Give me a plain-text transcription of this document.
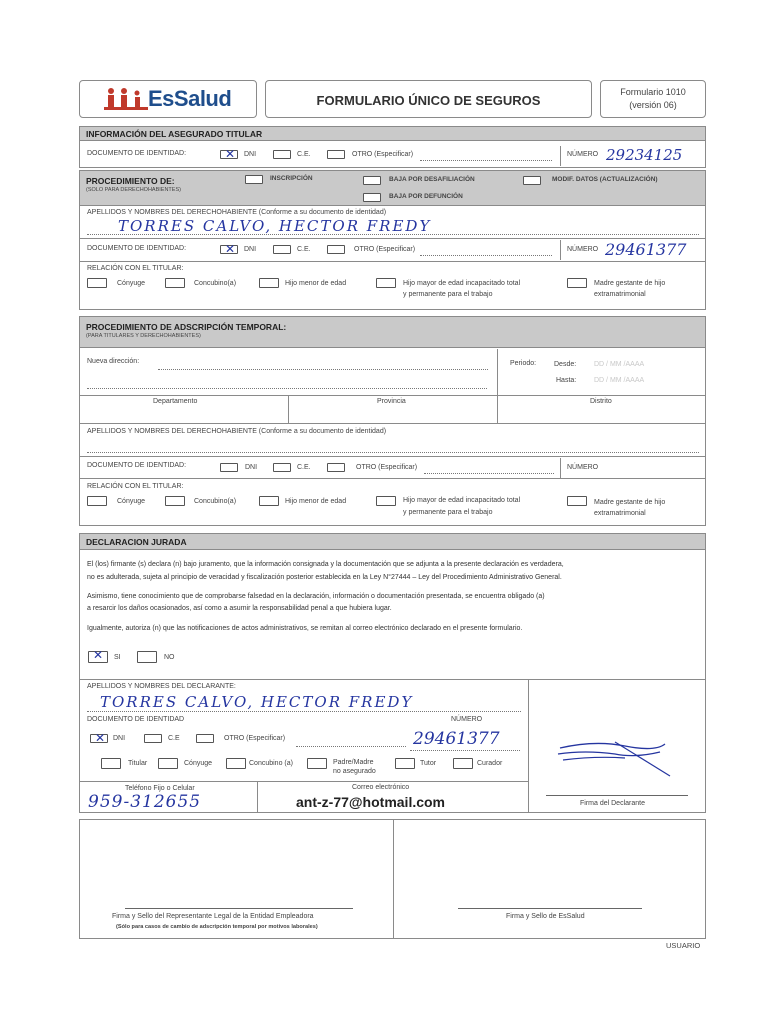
EsSalud	FORMULARIO ÚNICO DE SEGUROS
Formulario 1010
(versión 06)
INFORMACIÓN DEL ASEGURADO TITULAR
DOCUMENTO DE IDENTIDAD: ✕	DNI	C.E.	OTRO (Especificar)	NÚMERO 29234125
PROCEDIMIENTO DE:
(SOLO PARA DERECHOHABIENTES)
INSCRIPCIÓN	BAJA POR DESAFILIACIÓN	MODIF. DATOS (ACTUALIZACIÓN)
BAJA POR DEFUNCIÓN
APELLIDOS Y NOMBRES DEL DERECHOHABIENTE (Conforme a su documento de identidad)
TORRES CALVO, HECTOR FREDY
DOCUMENTO DE IDENTIDAD: ✕	DNI	C.E.	OTRO (Especificar)	NÚMERO 29461377
RELACIÓN CON EL TITULAR:
Cónyuge	Concubino(a)	Hijo menor de edad	Hijo mayor de edad incapacitado total
y permanente para el trabajo
Madre gestante de hijo
extramatrimonial
PROCEDIMIENTO DE ADSCRIPCIÓN TEMPORAL:
(PARA TITULARES Y DERECHOHABIENTES)
Nueva dirección:	Periodo:	Desde:	DD / MM /AAAA
Hasta:	DD / MM /AAAA
Departamento	Provincia	Distrito
APELLIDOS Y NOMBRES DEL DERECHOHABIENTE (Conforme a su documento de identidad)
DOCUMENTO DE IDENTIDAD:	DNI	C.E.	OTRO (Especificar)	NÚMERO
RELACIÓN CON EL TITULAR:
Cónyuge	Concubino(a)	Hijo menor de edad	Hijo mayor de edad incapacitado total
y permanente para el trabajo
Madre gestante de hijo
extramatrimonial
DECLARACION JURADA
El (los) firmante (s) declara (n) bajo juramento, que la información consignada y la documentación que se adjunta a la presente declaración es verdadera,
no es adulterada, sujeta al principio de veracidad y fiscalización posterior establecida en la Ley N°27444 – Ley del Procedimiento Administrativo General.
Asimismo, tiene conocimiento que de comprobarse falsedad en la declaración, información o documentación presentada, se encuentra obligado (a)
a resarcir los daños ocasionados, así como a asumir la responsabilidad penal a que hubiera lugar.
Igualmente, autoriza (n) que las notificaciones de actos administrativos, se remitan al correo electrónico declarado en el presente formulario.
✕
SI	NO
APELLIDOS Y NOMBRES DEL DECLARANTE:
TORRES CALVO, HECTOR FREDY
DOCUMENTO DE IDENTIDAD	NÚMERO
✕
DNI	C.E	OTRO (Especificar)	29461377
Titular	Cónyuge	Concubino (a)	Padre/Madre
no asegurado
Tutor	Curador
Teléfono Fijo o Celular
959-312655
Correo electrónico
ant-z-77@hotmail.com	Firma del Declarante
Firma y Sello del Representante Legal de la Entidad Empleadora
(Sólo para casos de cambio de adscripción temporal por motivos laborales)
Firma y Sello de EsSalud
USUARIO
